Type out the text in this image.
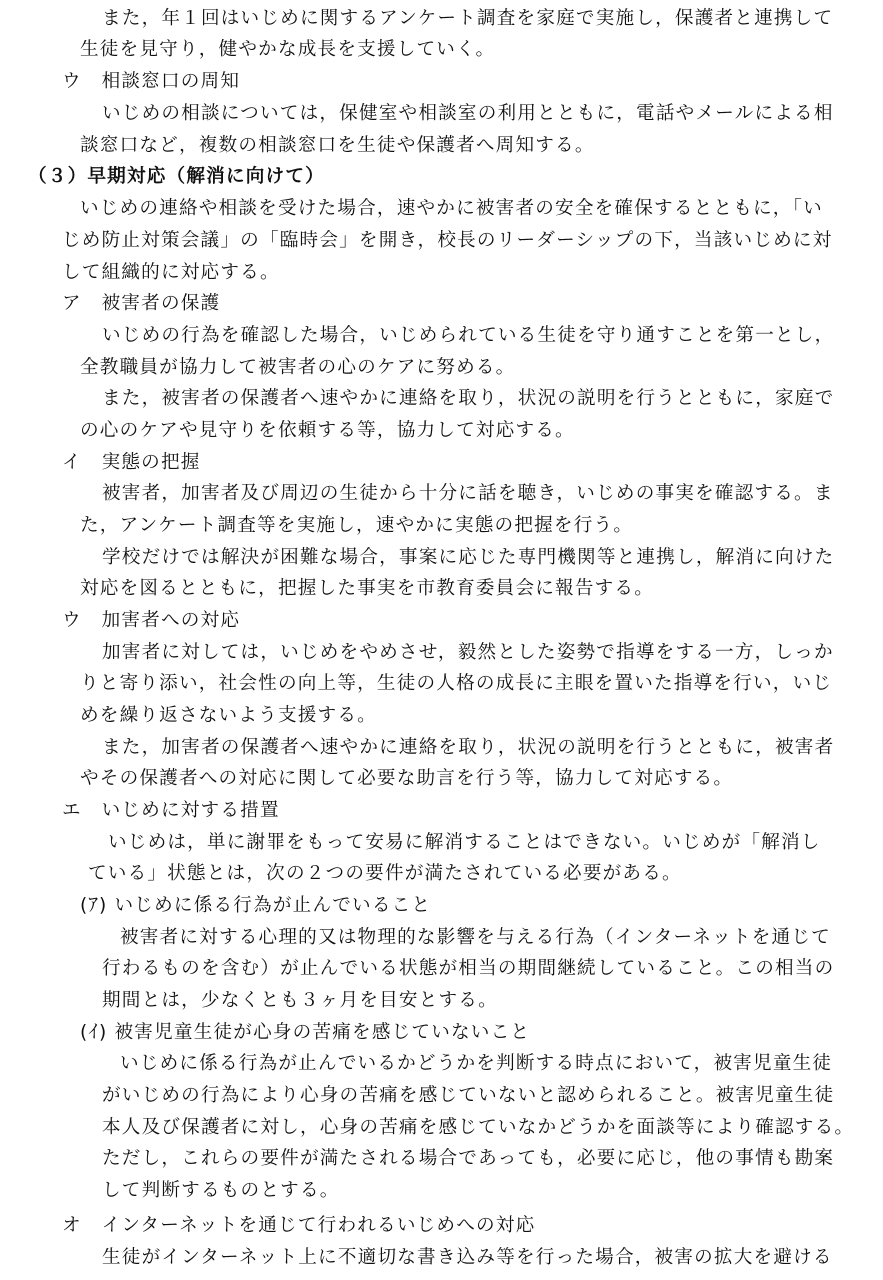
また，年１回はいじめに関するアンケート調査を家庭で実施し，保護者と連携して

生徒を見守り，健やかな成長を支援していく。

ウ　相談窓口の周知

いじめの相談については，保健室や相談室の利用とともに，電話やメールによる相

談窓口など，複数の相談窓口を生徒や保護者へ周知する。

（３）早期対応（解消に向けて）

いじめの連絡や相談を受けた場合，速やかに被害者の安全を確保するとともに，「い

じめ防止対策会議」の「臨時会」を開き，校長のリーダーシップの下，当該いじめに対

して組織的に対応する。

ア　被害者の保護

いじめの行為を確認した場合，いじめられている生徒を守り通すことを第一とし，

全教職員が協力して被害者の心のケアに努める。

また，被害者の保護者へ速やかに連絡を取り，状況の説明を行うとともに，家庭で

の心のケアや見守りを依頼する等，協力して対応する。

イ　実態の把握

被害者，加害者及び周辺の生徒から十分に話を聴き，いじめの事実を確認する。ま

た，アンケート調査等を実施し，速やかに実態の把握を行う。

学校だけでは解決が困難な場合，事案に応じた専門機関等と連携し，解消に向けた

対応を図るとともに，把握した事実を市教育委員会に報告する。

ウ　加害者への対応

加害者に対しては，いじめをやめさせ，毅然とした姿勢で指導をする一方，しっか

りと寄り添い，社会性の向上等，生徒の人格の成長に主眼を置いた指導を行い，いじ

めを繰り返さないよう支援する。

また，加害者の保護者へ速やかに連絡を取り，状況の説明を行うとともに，被害者

やその保護者への対応に関して必要な助言を行う等，協力して対応する。

エ　いじめに対する措置

いじめは，単に謝罪をもって安易に解消することはできない。いじめが「解消し

ている」状態とは，次の２つの要件が満たされている必要がある。

(ｱ) いじめに係る行為が止んでいること

被害者に対する心理的又は物理的な影響を与える行為（インターネットを通じて

行わるものを含む）が止んでいる状態が相当の期間継続していること。この相当の

期間とは，少なくとも３ヶ月を目安とする。

(ｲ) 被害児童生徒が心身の苦痛を感じていないこと

いじめに係る行為が止んでいるかどうかを判断する時点において，被害児童生徒

がいじめの行為により心身の苦痛を感じていないと認められること。被害児童生徒

本人及び保護者に対し，心身の苦痛を感じていなかどうかを面談等により確認する。

ただし，これらの要件が満たされる場合であっても，必要に応じ，他の事情も勘案

して判断するものとする。

オ　インターネットを通じて行われるいじめへの対応

生徒がインターネット上に不適切な書き込み等を行った場合，被害の拡大を避ける
